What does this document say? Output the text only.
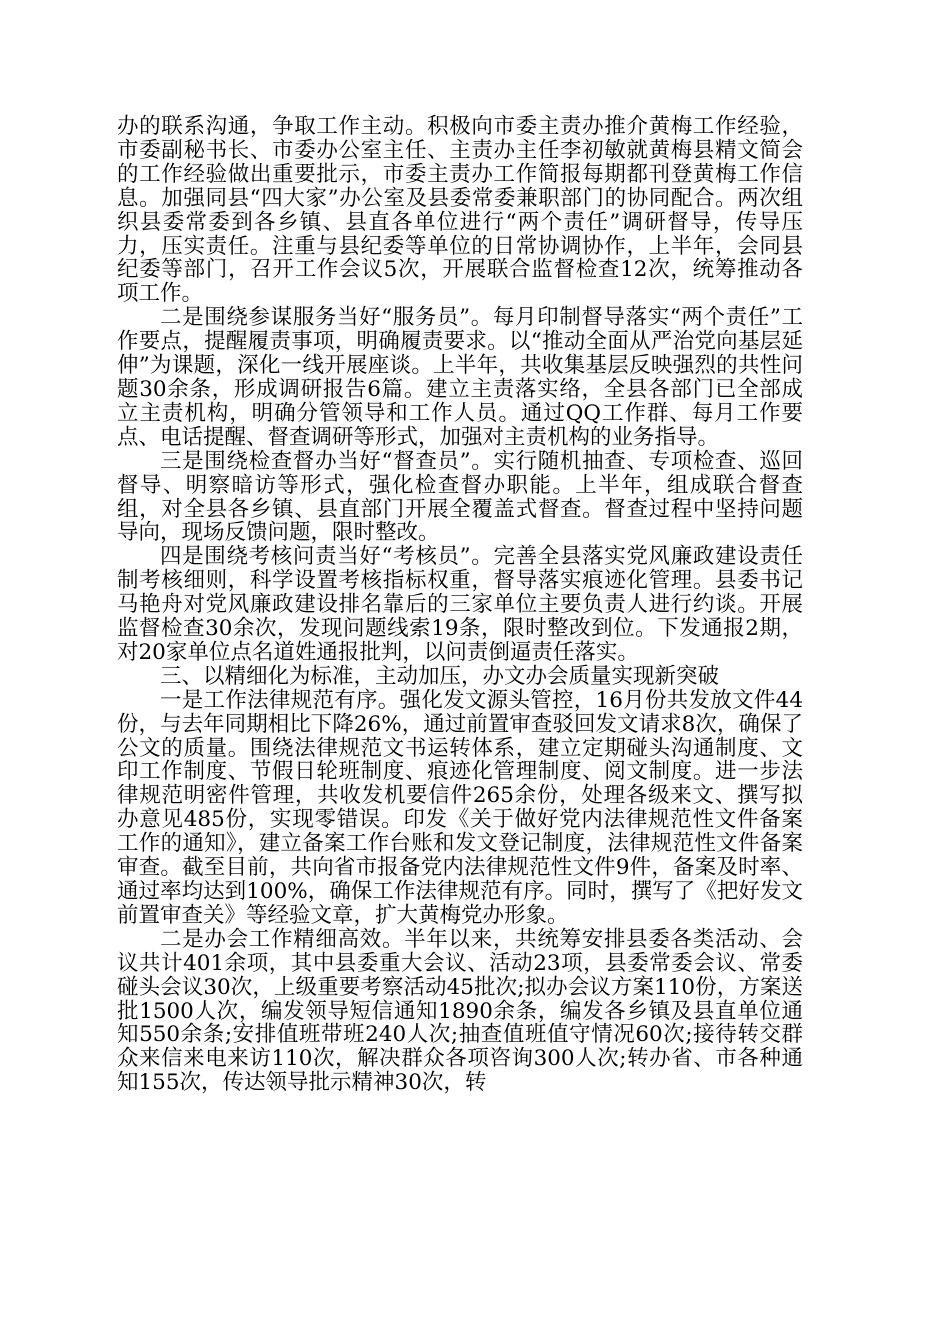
办的联系沟通，争取工作主动。积极向市委主责办推介黄梅工作经验，市委副秘书长、市委办公室主任、主责办主任李初敏就黄梅县精文简会的工作经验做出重要批示，市委主责办工作简报每期都刊登黄梅工作信息。加强同县“四大家”办公室及县委常委兼职部门的协同配合。两次组织县委常委到各乡镇、县直各单位进行“两个责任”调研督导，传导压力，压实责任。注重与县纪委等单位的日常协调协作，上半年，会同县纪委等部门，召开工作会议5次，开展联合监督检查12次，统筹推动各项工作。

二是围绕参谋服务当好“服务员”。每月印制督导落实“两个责任”工作要点，提醒履责事项，明确履责要求。以“推动全面从严治党向基层延伸”为课题，深化一线开展座谈。上半年，共收集基层反映强烈的共性问题30余条，形成调研报告6篇。建立主责落实络，全县各部门已全部成立主责机构，明确分管领导和工作人员。通过QQ工作群、每月工作要点、电话提醒、督查调研等形式，加强对主责机构的业务指导。

三是围绕检查督办当好“督查员”。实行随机抽查、专项检查、巡回督导、明察暗访等形式，强化检查督办职能。上半年，组成联合督查组，对全县各乡镇、县直部门开展全覆盖式督查。督查过程中坚持问题导向，现场反馈问题，限时整改。

四是围绕考核问责当好“考核员”。完善全县落实党风廉政建设责任制考核细则，科学设置考核指标权重，督导落实痕迹化管理。县委书记马艳舟对党风廉政建设排名靠后的三家单位主要负责人进行约谈。开展监督检查30余次，发现问题线索19条，限时整改到位。下发通报2期，对20家单位点名道姓通报批判，以问责倒逼责任落实。

三、以精细化为标准，主动加压，办文办会质量实现新突破

一是工作法律规范有序。强化发文源头管控，16月份共发放文件44份，与去年同期相比下降26%，通过前置审查驳回发文请求8次，确保了公文的质量。围绕法律规范文书运转体系，建立定期碰头沟通制度、文印工作制度、节假日轮班制度、痕迹化管理制度、阅文制度。进一步法律规范明密件管理，共收发机要信件265余份，处理各级来文、撰写拟办意见485份，实现零错误。印发《关于做好党内法律规范性文件备案工作的通知》，建立备案工作台账和发文登记制度，法律规范性文件备案审查。截至目前，共向省市报备党内法律规范性文件9件，备案及时率、通过率均达到100%，确保工作法律规范有序。同时，撰写了《把好发文前置审查关》等经验文章，扩大黄梅党办形象。

二是办会工作精细高效。半年以来，共统筹安排县委各类活动、会议共计401余项，其中县委重大会议、活动23项，县委常委会议、常委碰头会议30次，上级重要考察活动45批次;拟办会议方案110份，方案送批1500人次，编发领导短信通知1890余条，编发各乡镇及县直单位通知550余条;安排值班带班240人次;抽查值班值守情况60次;接待转交群众来信来电来访110次，解决群众各项咨询300人次;转办省、市各种通知155次，传达领导批示精神30次，转
